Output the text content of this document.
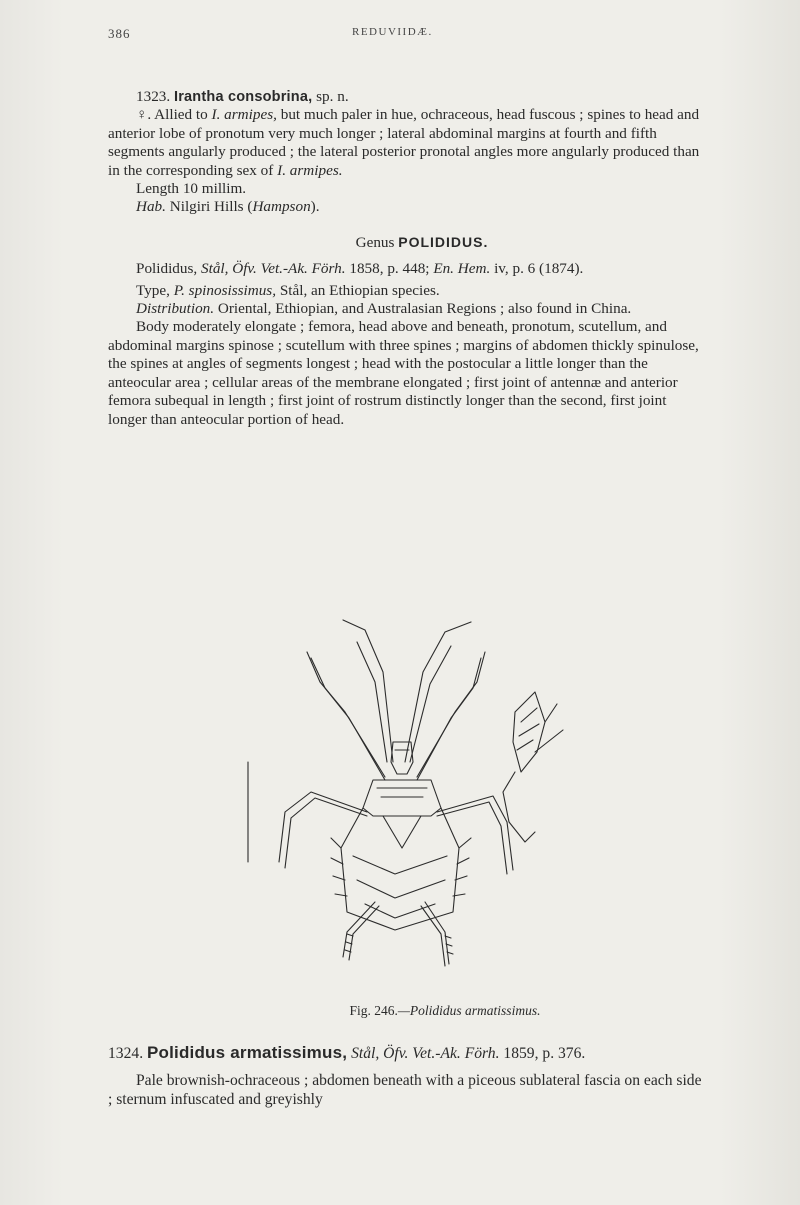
386	REDUVIIDÆ.

1323. Irantha consobrina, sp. n.

♀. Allied to I. armipes, but much paler in hue, ochraceous, head fuscous ; spines to head and anterior lobe of pronotum very much longer ; lateral abdominal margins at fourth and fifth segments angularly produced ; the lateral posterior pronotal angles more angularly produced than in the corresponding sex of I. armipes.

Length 10 millim.

Hab. Nilgiri Hills (Hampson).

Genus POLIDIDUS.

Polididus, Stål, Öfv. Vet.-Ak. Förh. 1858, p. 448; En. Hem. iv, p. 6 (1874).

Type, P. spinosissimus, Stål, an Ethiopian species.

Distribution. Oriental, Ethiopian, and Australasian Regions ; also found in China.

Body moderately elongate ; femora, head above and beneath, pronotum, scutellum, and abdominal margins spinose ; scutellum with three spines ; margins of abdomen thickly spinulose, the spines at angles of segments longest ; head with the postocular a little longer than the anteocular area ; cellular areas of the membrane elongated ; first joint of antennæ and anterior femora subequal in length ; first joint of rostrum distinctly longer than the second, first joint longer than anteocular portion of head.

Fig. 246.—Polididus armatissimus.

1324. Polididus armatissimus, Stål, Öfv. Vet.-Ak. Förh. 1859, p. 376.

Pale brownish-ochraceous ; abdomen beneath with a piceous sublateral fascia on each side ; sternum infuscated and greyishly
